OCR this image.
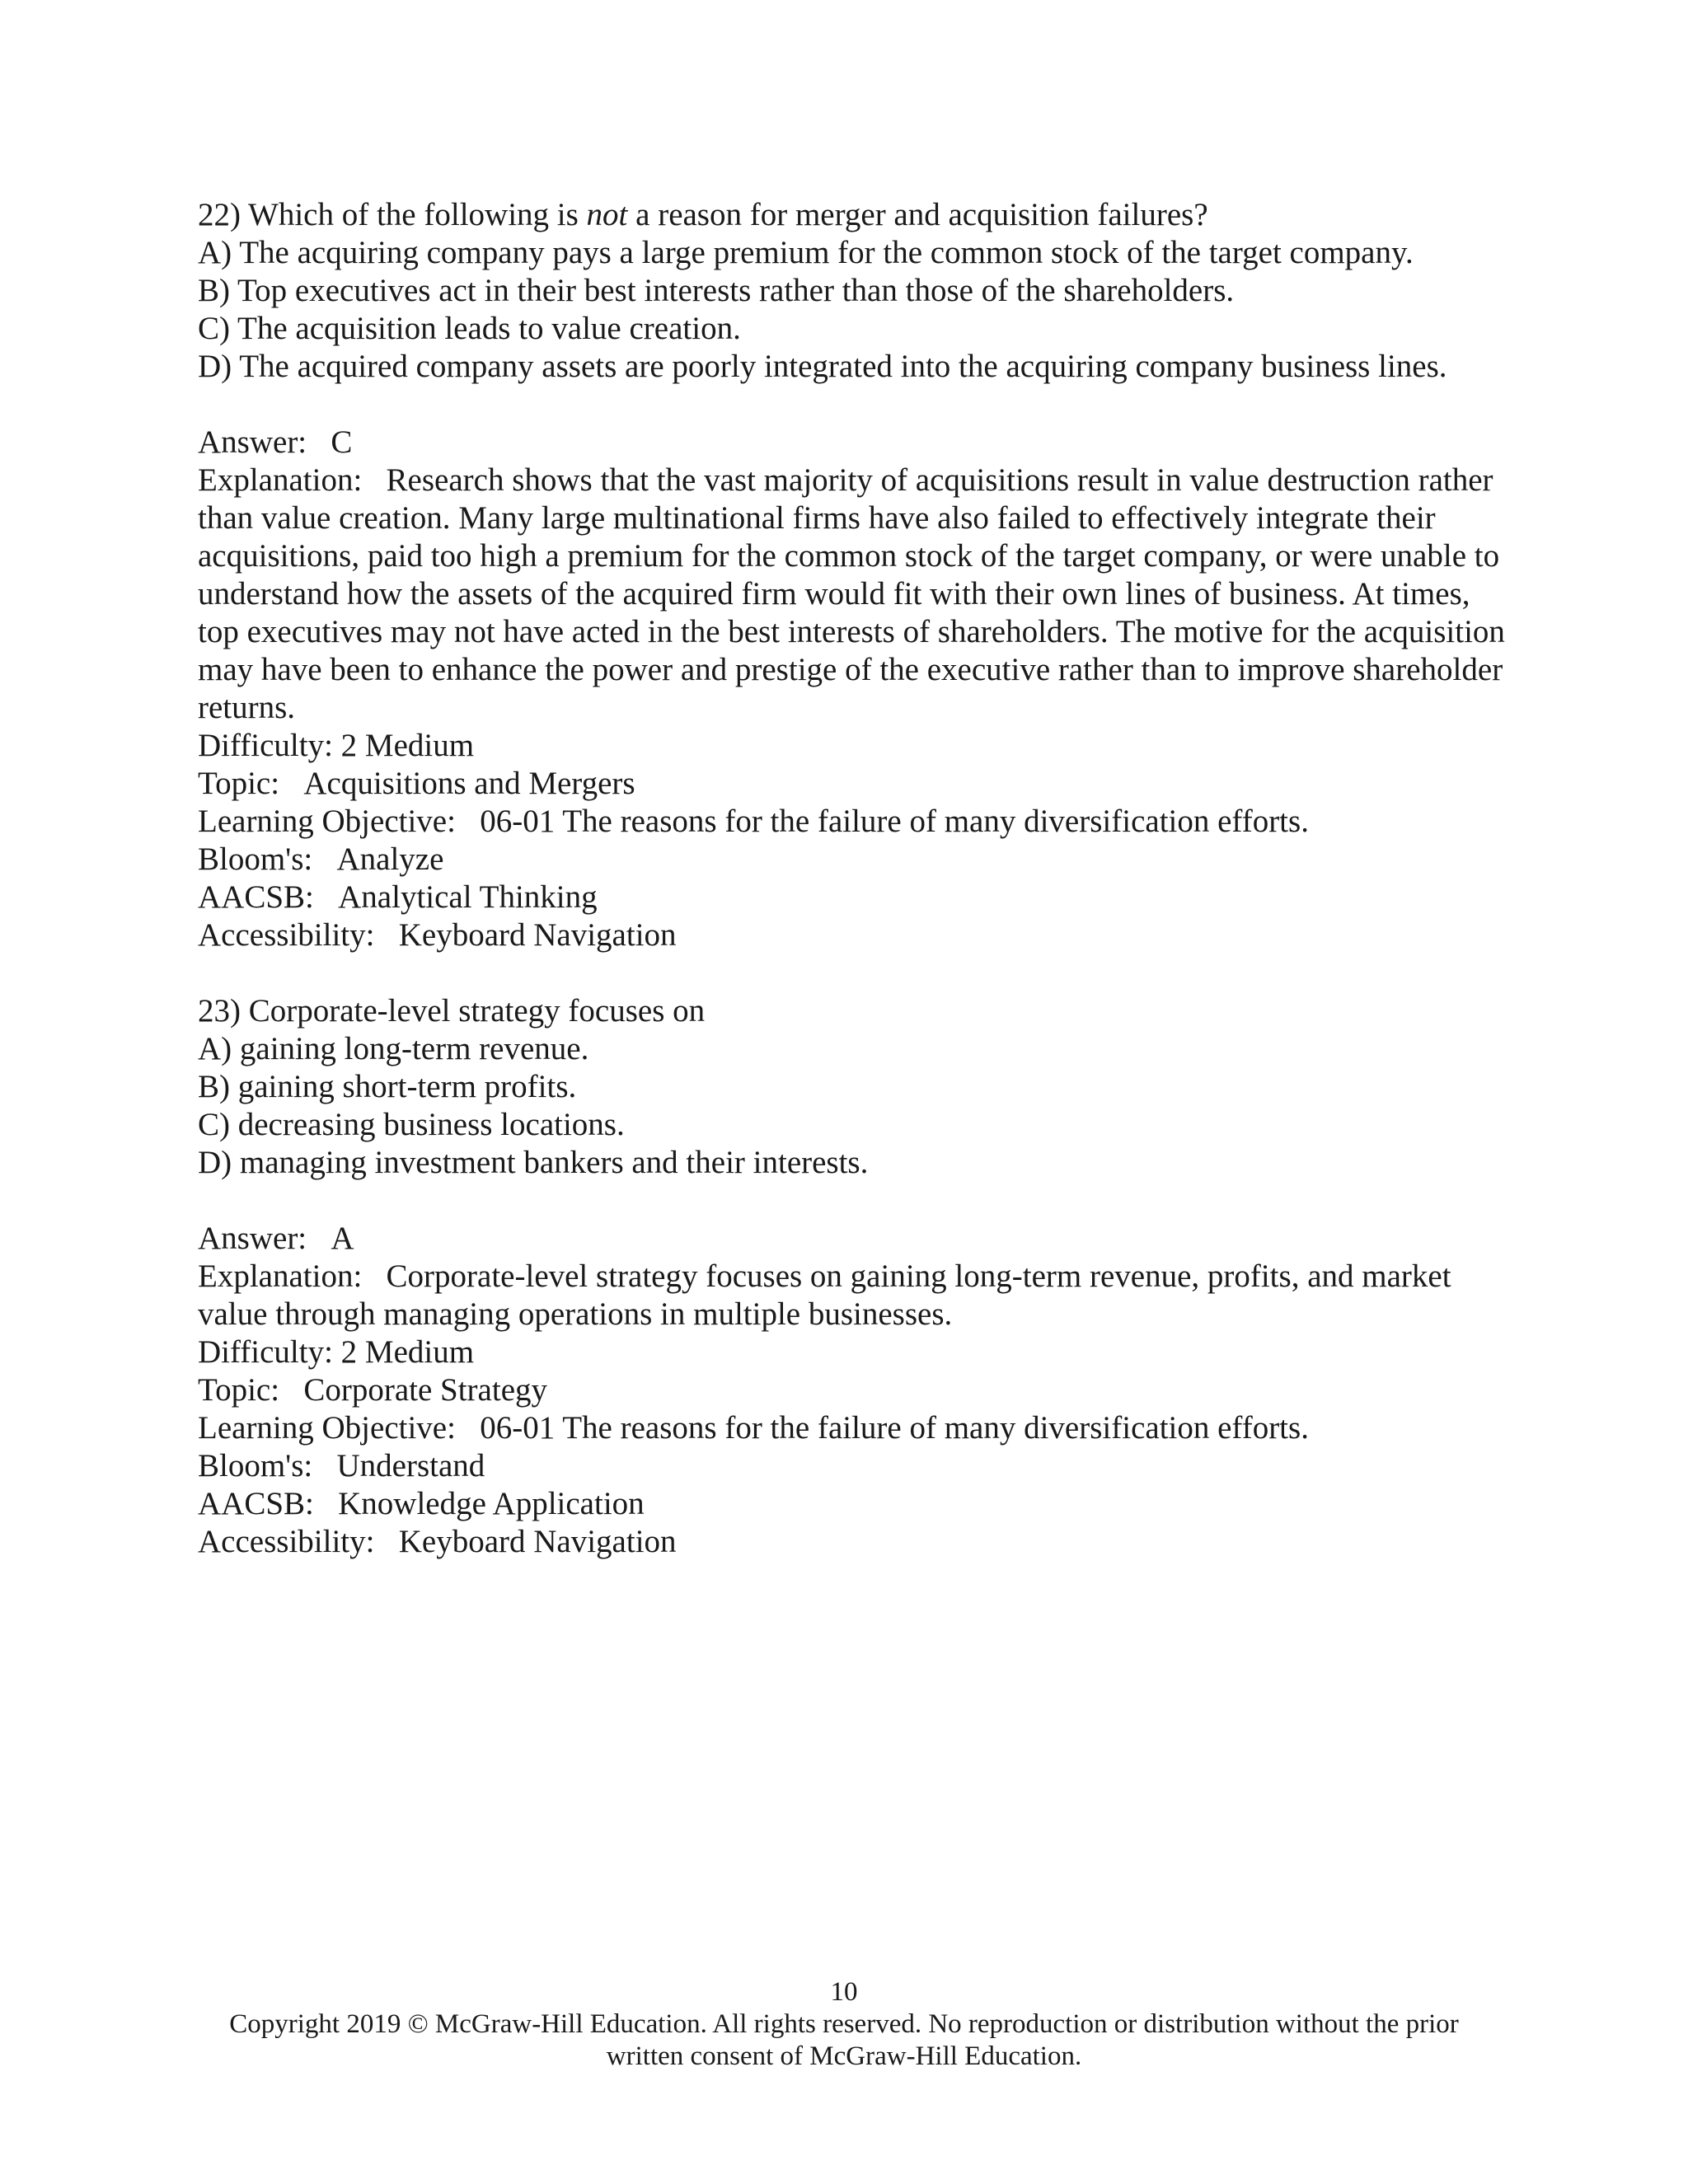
22) Which of the following is not a reason for merger and acquisition failures?
A) The acquiring company pays a large premium for the common stock of the target company.
B) Top executives act in their best interests rather than those of the shareholders.
C) The acquisition leads to value creation.
D) The acquired company assets are poorly integrated into the acquiring company business lines.
Answer: C
Explanation: Research shows that the vast majority of acquisitions result in value destruction rather than value creation. Many large multinational firms have also failed to effectively integrate their acquisitions, paid too high a premium for the common stock of the target company, or were unable to understand how the assets of the acquired firm would fit with their own lines of business. At times, top executives may not have acted in the best interests of shareholders. The motive for the acquisition may have been to enhance the power and prestige of the executive rather than to improve shareholder returns.
Difficulty: 2 Medium
Topic: Acquisitions and Mergers
Learning Objective: 06-01 The reasons for the failure of many diversification efforts.
Bloom's: Analyze
AACSB: Analytical Thinking
Accessibility: Keyboard Navigation
23) Corporate-level strategy focuses on
A) gaining long-term revenue.
B) gaining short-term profits.
C) decreasing business locations.
D) managing investment bankers and their interests.
Answer: A
Explanation: Corporate-level strategy focuses on gaining long-term revenue, profits, and market value through managing operations in multiple businesses.
Difficulty: 2 Medium
Topic: Corporate Strategy
Learning Objective: 06-01 The reasons for the failure of many diversification efforts.
Bloom's: Understand
AACSB: Knowledge Application
Accessibility: Keyboard Navigation
10
Copyright 2019 © McGraw-Hill Education. All rights reserved. No reproduction or distribution without the prior
written consent of McGraw-Hill Education.
